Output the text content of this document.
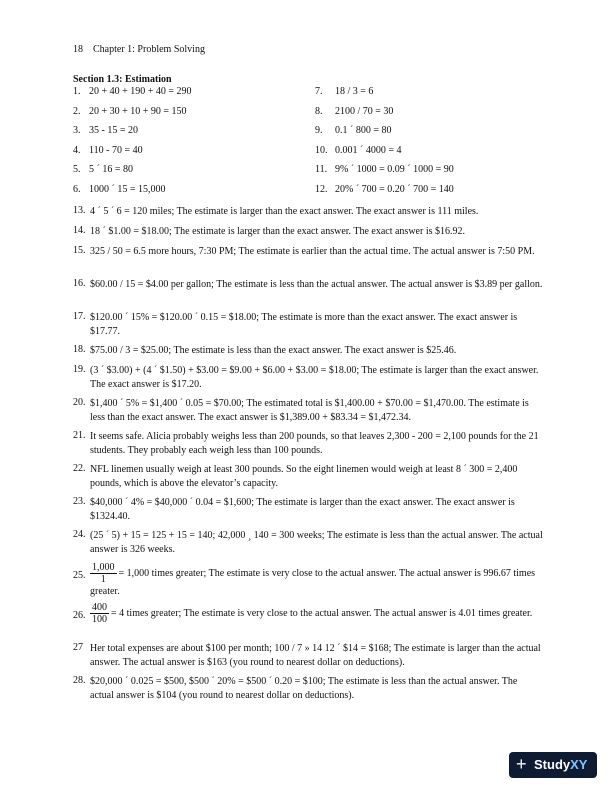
18 Chapter 1: Problem Solving
Section 1.3: Estimation
1. 20 + 40 + 190 + 40 = 290	7. 18 / 3 = 6
2. 20 + 30 + 10 + 90 = 150	8. 2100 / 70 = 30
3. 35 - 15 = 20	9. 0.1 ´ 800 = 80
4. 110 - 70 = 40	10. 0.001 ´ 4000 = 4
5. 5 ´ 16 = 80	11. 9% ´ 1000 = 0.09 ´ 1000 = 90
6. 1000 ´ 15 = 15,000	12. 20% ´ 700 = 0.20 ´ 700 = 140
13. 4 ´ 5 ´ 6 = 120 miles; The estimate is larger than the exact answer. The exact answer is 111 miles.
14. 18 ´ $1.00 = $18.00; The estimate is larger than the exact answer. The exact answer is $16.92.
15. 325 / 50 = 6.5 more hours, 7:30 PM; The estimate is earlier than the actual time. The actual answer is 7:50 PM.
16. $60.00 / 15 = $4.00 per gallon; The estimate is less than the actual answer. The actual answer is $3.89 per gallon.
17. $120.00 ´ 15% = $120.00 ´ 0.15 = $18.00; The estimate is more than the exact answer. The exact answer is $17.77.
18. $75.00 / 3 = $25.00; The estimate is less than the exact answer. The exact answer is $25.46.
19. (3 ´ $3.00) + (4 ´ $1.50) + $3.00 = $9.00 + $6.00 + $3.00 = $18.00; The estimate is larger than the exact answer. The exact answer is $17.20.
20. $1,400 ´ 5% = $1,400 ´ 0.05 = $70.00; The estimated total is $1,400.00 + $70.00 = $1,470.00. The estimate is less than the exact answer. The exact answer is $1,389.00 + $83.34 = $1,472.34.
21. It seems safe. Alicia probably weighs less than 200 pounds, so that leaves 2,300 - 200 = 2,100 pounds for the 21 students. They probably each weigh less than 100 pounds.
22. NFL linemen usually weigh at least 300 pounds. So the eight linemen would weigh at least 8 ´ 300 = 2,400 pounds, which is above the elevator’s capacity.
23. $40,000 ´ 4% = $40,000 ´ 0.04 = $1,600; The estimate is larger than the exact answer. The exact answer is $1324.40.
24. (25 ´ 5) + 15 = 125 + 15 = 140; 42,000 ¸ 140 = 300 weeks; The estimate is less than the actual answer. The actual answer is 326 weeks.
25. $\frac{1,000}{1} = 1,000$ times greater; The estimate is very close to the actual answer. The actual answer is 996.67 times greater.
26. $\frac{400}{100} = 4$ times greater; The estimate is very close to the actual answer. The actual answer is 4.01 times greater.
27 Her total expenses are about $100 per month; 100 / 7 » 14 12 ´ $14 = $168; The estimate is larger than the actual answer. The actual answer is $163 (you round to nearest dollar on deductions).
28. $20,000 ´ 0.025 = $500, $500 ´ 20% = $500 ´ 0.20 = $100; The estimate is less than the actual answer. The actual answer is $104 (you round to nearest dollar on deductions).
+ StudyXY
